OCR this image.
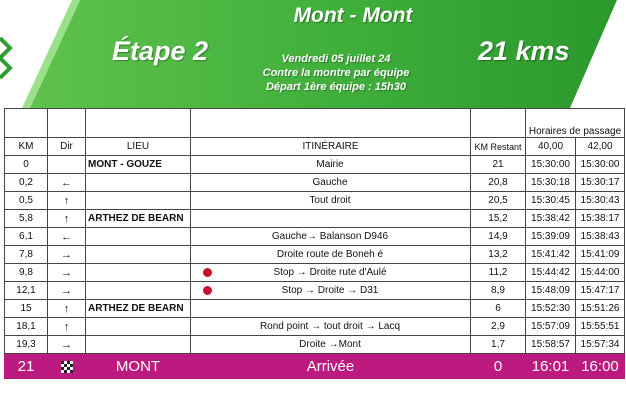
Mont - Mont
Étape 2	Vendredi 05 juillet 24
Contre la montre par équipe
Départ 1ère équipe : 15h30
21 kms
					Horaires de passage	
KM	Dir	LIEU	ITINÉRAIRE	KM Restant	40,00	42,00
0		MONT - GOUZE	Mairie	21	15:30:00	15:30:00
0,2	←		Gauche	20,8	15:30:18	15:30:17
0,5	↑		Tout droit	20,5	15:30:45	15:30:43
5,8	↑	ARTHEZ DE BEARN		15,2	15:38:42	15:38:17
6,1	←		Gauche→ Balanson D946	14,9	15:39:09	15:38:43
7,8	→		Droite route de Boneh é	13,2	15:41:42	15:41:09
9,8	→		Stop → Droite rute d'Aulé	11,2	15:44:42	15:44:00
12,1	→		Stop → Droite → D31	8,9	15:48:09	15:47:17
15	↑	ARTHEZ DE BEARN		6	15:52:30	15:51:26
18,1	↑		Rond point → tout droit → Lacq	2,9	15:57:09	15:55:51
19,3	→		Droite →Mont	1,7	15:58:57	15:57:34
21		MONT	Arrivée	0	16:01	16:00
